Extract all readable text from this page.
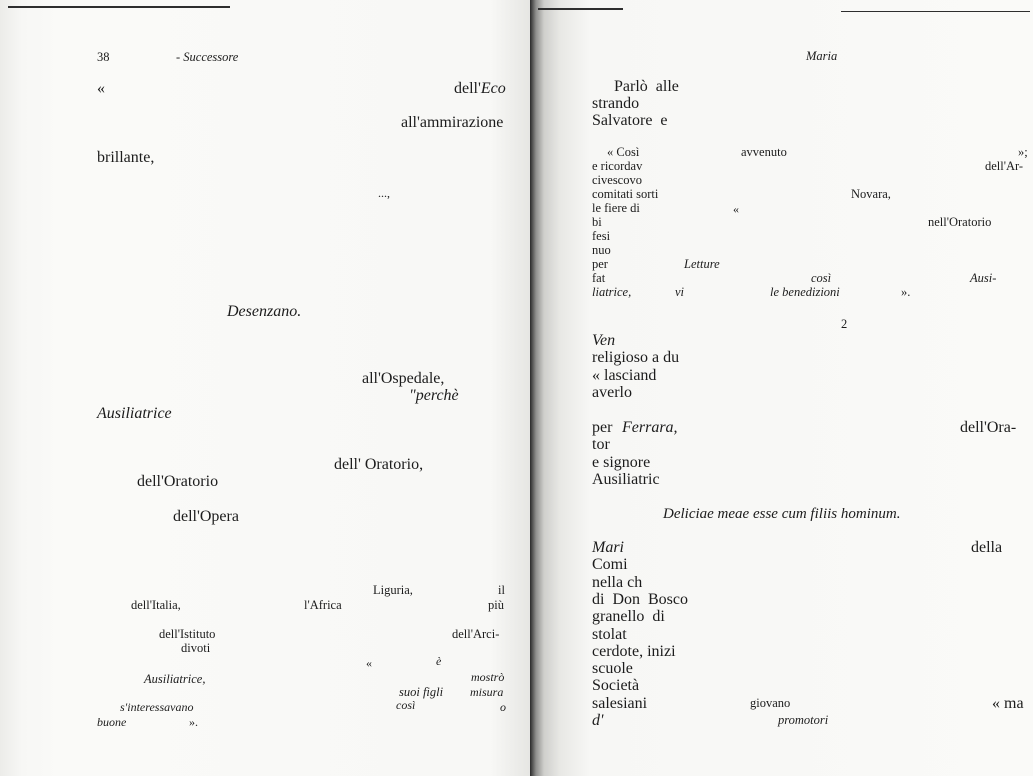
38	- Successore
«	dell'Eco
all'ammirazione
brillante,
...,
Desenzano.
all'Ospedale,
"perchè
Ausiliatrice
dell' Oratorio,
dell'Oratorio
dell'Opera
Liguria,	il
dell'Italia,	l'Africa	più
dell'Istituto	dell'Arci-
divoti
«	è
Ausiliatrice,	mostrò
suoi figli misura
s'interessavano	così	o
buone	».
Maria
Parlò  alle
strando
Salvatore  e
« Così	avvenuto	»;
e ricordav	dell'Ar-
civescovo
comitati sorti	Novara,
le fiere di	«
bi	nell'Oratorio
fesi
nuo
per	Letture
fat	così	Ausi-
liatrice,	vi	le benedizioni	».
2
Ven
religioso a du
« lasciand
averlo
per Ferrara,	dell'Ora-
tor
e signore
Ausiliatric
Deliciae meae esse cum filiis hominum.
Mari	della
Comi
nella ch
di  Don  Bosco
granello  di
stolat
cerdote, inizi
scuole
Società
salesiani	giovano	« ma
d'	promotori
